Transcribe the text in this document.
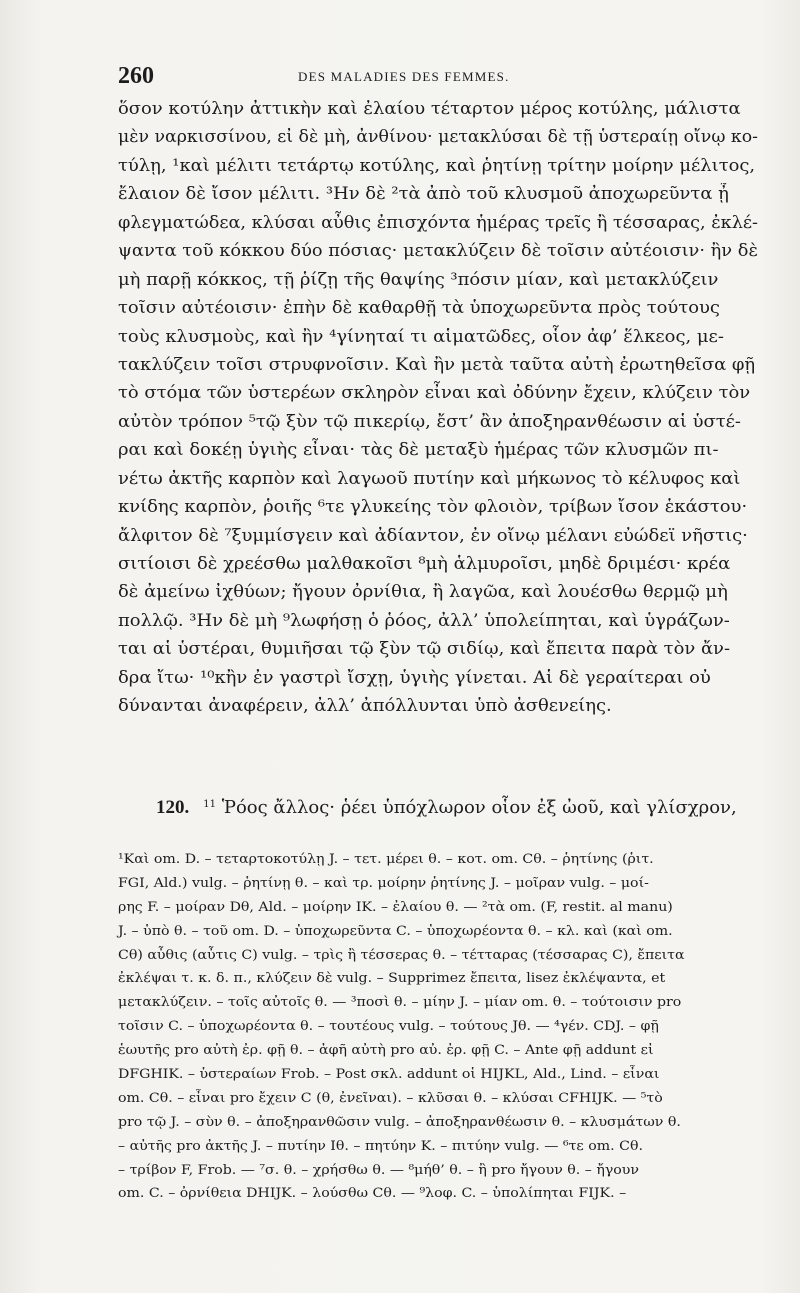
260	DES MALADIES DES FEMMES.
ὅσον κοτύλην ἀττικὴν καὶ ἐλαίου τέταρτον μέρος κοτύλης, μάλιστα
μὲν ναρκισσίνου, εἰ δὲ μὴ, ἀνθίνου· μετακλύσαι δὲ τῇ ὑστεραίῃ οἴνῳ κο-
τύλῃ, ¹καὶ μέλιτι τετάρτῳ κοτύλης, καὶ ῥητίνῃ τρίτην μοίρην μέλιτος,
ἔλαιον δὲ ἴσον μέλιτι. ³Ην δὲ ²τὰ ἀπὸ τοῦ κλυσμοῦ ἀποχωρεῦντα ᾖ
φλεγματώδεα, κλύσαι αὖθις ἐπισχόντα ἡμέρας τρεῖς ἢ τέσσαρας, ἐκλέ-
ψαντα τοῦ κόκκου δύο πόσιας· μετακλύζειν δὲ τοῖσιν αὐτέοισιν· ἢν δὲ
μὴ παρῇ κόκκος, τῇ ῥίζῃ τῆς θαψίης ³πόσιν μίαν, καὶ μετακλύζειν
τοῖσιν αὐτέοισιν· ἐπὴν δὲ καθαρθῇ τὰ ὑποχωρεῦντα πρὸς τούτους
τοὺς κλυσμοὺς, καὶ ἢν ⁴γίνηταί τι αἱματῶδες, οἷον ἀφ’ ἕλκεος, με-
τακλύζειν τοῖσι στρυφνοῖσιν. Καὶ ἢν μετὰ ταῦτα αὐτὴ ἐρωτηθεῖσα φῇ
τὸ στόμα τῶν ὑστερέων σκληρὸν εἶναι καὶ ὀδύνην ἔχειν, κλύζειν τὸν
αὐτὸν τρόπον ⁵τῷ ξὺν τῷ πικερίῳ, ἔστ’ ἂν ἀποξηρανθέωσιν αἱ ὑστέ-
ραι καὶ δοκέῃ ὑγιὴς εἶναι· τὰς δὲ μεταξὺ ἡμέρας τῶν κλυσμῶν πι-
νέτω ἀκτῆς καρπὸν καὶ λαγωοῦ πυτίην καὶ μήκωνος τὸ κέλυφος καὶ
κνίδης καρπὸν, ῥοιῆς ⁶τε γλυκείης τὸν φλοιὸν, τρίβων ἴσον ἑκάστου·
ἄλφιτον δὲ ⁷ξυμμίσγειν καὶ ἀδίαντον, ἐν οἴνῳ μέλανι εὐώδεϊ νῆστις·
σιτίοισι δὲ χρεέσθω μαλθακοῖσι ⁸μὴ ἁλμυροῖσι, μηδὲ δριμέσι· κρέα
δὲ ἀμείνω ἰχθύων; ἤγουν ὀρνίθια, ἢ λαγῶα, καὶ λουέσθω θερμῷ μὴ
πολλῷ. ³Ην δὲ μὴ ⁹λωφήσῃ ὁ ῥόος, ἀλλ’ ὑπολείπηται, καὶ ὑγράζων-
ται αἱ ὑστέραι, θυμιῆσαι τῷ ξὺν τῷ σιδίῳ, καὶ ἔπειτα παρὰ τὸν ἄν-
δρα ἴτω· ¹⁰κἢν ἐν γαστρὶ ἴσχῃ, ὑγιὴς γίνεται. Αἱ δὲ γεραίτεραι οὐ
δύνανται ἀναφέρειν, ἀλλ’ ἀπόλλυνται ὑπὸ ἀσθενείης.
120. $^{11}$ Ῥόος ἄλλος· ῥέει ὑπόχλωρον οἷον ἐξ ὠοῦ, καὶ γλίσχρον,
¹Καὶ om. D. – τεταρτοκοτύλῃ J. – τετ. μέρει θ. – κοτ. om. Cθ. – ῥητίνης (ῥιτ.
FGI, Ald.) vulg. – ῥητίνῃ θ. – καὶ τρ. μοίρην ῥητίνης J. – μοῖραν vulg. – μοί-
ρης F. – μοίραν Dθ, Ald. – μοίρην IK. – ἐλαίου θ. — ²τὰ om. (F, restit. al manu)
J. – ὑπὸ θ. – τοῦ om. D. – ὑποχωρεῦντα C. – ὑποχωρέοντα θ. – κλ. καὶ (καὶ om.
Cθ) αὖθις (αὖτις C) vulg. – τρὶς ἢ τέσσερας θ. – τέτταρας (τέσσαρας C), ἔπειτα
ἐκλέψαι τ. κ. δ. π., κλύζειν δὲ vulg. – Supprimez ἔπειτα, lisez ἐκλέψαντα, et
μετακλύζειν. – τοῖς αὐτοῖς θ. — ³ποσὶ θ. – μίην J. – μίαν om. θ. – τούτοισιν pro
τοῖσιν C. – ὑποχωρέοντα θ. – τουτέους vulg. – τούτους Jθ. — ⁴γέν. CDJ. – φῇ
ἑωυτῆς pro αὐτὴ ἐρ. φῇ θ. – ἀφῆ αὐτὴ pro αὐ. ἐρ. φῇ C. – Ante φῇ addunt εἰ
DFGHIK. – ὑστεραίων Frob. – Post σκλ. addunt οἱ HIJKL, Ald., Lind. – εἶναι
om. Cθ. – εἶναι pro ἔχειν C (θ, ἐνεῖναι). – κλῦσαι θ. – κλύσαι CFHIJK. — ⁵τὸ
pro τῷ J. – σὺν θ. – ἀποξηρανθῶσιν vulg. – ἀποξηρανθέωσιν θ. – κλυσμάτων θ.
– αὐτῆς pro ἀκτῆς J. – πυτίην Iθ. – πητύην K. – πιτύην vulg. — ⁶τε om. Cθ.
– τρίβον F, Frob. — ⁷σ. θ. – χρήσθω θ. — ⁸μήθ’ θ. – ἢ pro ἤγουν θ. – ἤγουν
om. C. – ὀρνίθεια DHIJK. – λούσθω Cθ. — ⁹λοφ. C. – ὑπολίπηται FIJK. –
